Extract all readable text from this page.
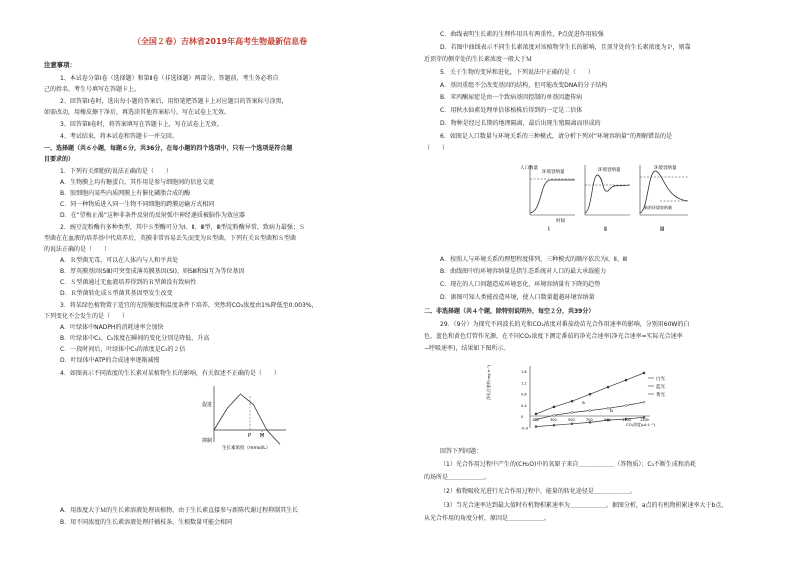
（全国２卷）吉林省2019年高考生物最新信息卷
注意事项：
1、本试卷分第Ⅰ卷（选择题）和第Ⅱ卷（非选择题）两部分。答题前，考生务必将自
己的姓名、考生号填写在答题卡上。
2、回答第Ⅰ卷时，选出每小题的答案后，用铅笔把答题卡上对应题目的答案标号涂黑，
如需改动，用橡皮擦干净后，再选涂其他答案标号。写在试卷上无效。
3、回答第Ⅱ卷时，将答案填写在答题卡上，写在试卷上无效。
4、考试结束，将本试卷和答题卡一并交回。
一、选择题（共６小题，每题６分，共36分，在每小题的四个选项中，只有一个选项是符合题
目要求的）
1．下列有关细胞的说法正确的是（　　）
A．生物膜上均有糖蛋白，其作用是参与细胞间的信息交流
B．胶细胞内某些内质网膜上有催化磷脂合成的酶
C．同一种物质进入同一生物不同细胞的跨膜运输方式相同
D．在“望梅止渴”这种非条件反射的反射弧中神经递质被脑作为效应器
2．豌豆淀粉酶有多种类型，其中Ｓ型酶可分为Ⅰ、Ⅱ、Ⅲ型，Ⅲ型淀粉酶异常，致病力最强；Ｓ
型菌在在血液的培养基中代培养后，英膜非常容易丢失而变为Ｒ型菌。下列有关Ｒ型菌和Ｓ型菌
的说法正确的是（　　）
A．Ｒ型菌无毒，可以在人体内与人和平共处
B．厚英膜基因(SⅢ)可突变成薄英膜基因(SⅠ)，则SⅢ和SⅠ互为等位基因
C．Ｓ型菌通过无血液培养得到的Ｒ型菌没有致病性
D．Ｒ型菌转化成Ｓ型菌其基因型发生改变
3．将某绿色植物置于适宜的光照强度和温度条件下培养，突然将CO₂浓度由1%降低至0.003%，
下列变化不会发生的是（　　）
A．叶绿体中NADPH的消耗速率会加快
B．叶绿体中C₃、C₅浓度在瞬间的变化分别是降低、升高
C．一段时间后，叶绿体中C₃的浓度是C₅的２倍
D．叶绿体中ATP的合成速率逐渐减慢
4．如图表示不同浓度的生长素对某植物生长的影响，有关叙述不正确的是（　　）
促进
抑制
P M
生长素浓度（mmol/L）
A．用浓度大于Ｍ的生长素溶液处理该植物，由于生长素直接参与新陈代谢过程抑制其生长
B．用不同浓度的生长素溶液处理扦插枝条，生根数量可能会相同
C．曲线表明生长素的生理作用具有两重性，P点促进作用较强
D．若图中曲线表示不同生长素浓度对该植物芽生长的影响，且顶芽处的生长素浓度为Ｐ，则靠
近顶芽的侧芽处的生长素浓度一般大于Ｍ
5．关于生物的变异和进化，下列说法中正确的是（　　）
A．基因重组不会改变基因的结构，但可能改变DNA的分子结构
B．苯丙酮尿症是由一个致病基因控制的单基因遗传病
C．用秋水仙素处理单倍体植株后得到的一定是二倍体
D．物种是经过长期的地理隔离，最后出现生殖隔离而形成的
6．如图是人口数量与环境关系的三种模式，请分析下列对“环境容纳量”的理解错误的是
（　　）
环境容纳量
人口数量	环境容纳量	环境容纳量
新的环境容纳量
时间
Ⅰ	Ⅱ	Ⅲ
A．按照人与环境关系的理想程度排列，三种模式的顺序依次为Ⅰ、Ⅱ、Ⅲ
B．曲线图中的环境容纳量是指生态系统对人口的最大承载能力
C．现在的人口问题造成环境恶化，环境容纳量有下降的趋势
D．据图可知人类能改造环境，使人口数量超越环境容纳量
二、非选择题（共４个题，除特别说明外，每空２分，共39分）
29．（9分）为探究不同波长的光和CO₂浓度对番茄幼苗光合作用速率的影响，分别用60W的白
色、蓝色和黄色灯管作光源，在不同CO₂浓度下测定番茄的净光合速率(净光合速率=实际光合速率
−呼吸速率)，结果如下图所示。
-0.4
0
0.4
0.8
1.2
1.6
100	300	500	700	900	1100	1300
净光合速率(mg·h⁻¹)
CO₂浓度(μL·L⁻¹)
白光
蓝光
黄光
a
b
回答下列问题：
（1）光合作用过程中产生的(CH₂O)中的氧原子来自＿＿＿＿＿＿（答物质）；C₃不断生成和消耗
的场所是＿＿＿＿＿＿。
（2）植物吸收光进行光合作用过程中，能量的转化途径是＿＿＿＿＿＿。
（3）当光合速率达到最大值时有机物积累速率为＿＿＿＿＿＿。据图分析，a点的有机物积累速率大于b点，
从光合作用的角度分析，原因是＿＿＿＿＿＿。
